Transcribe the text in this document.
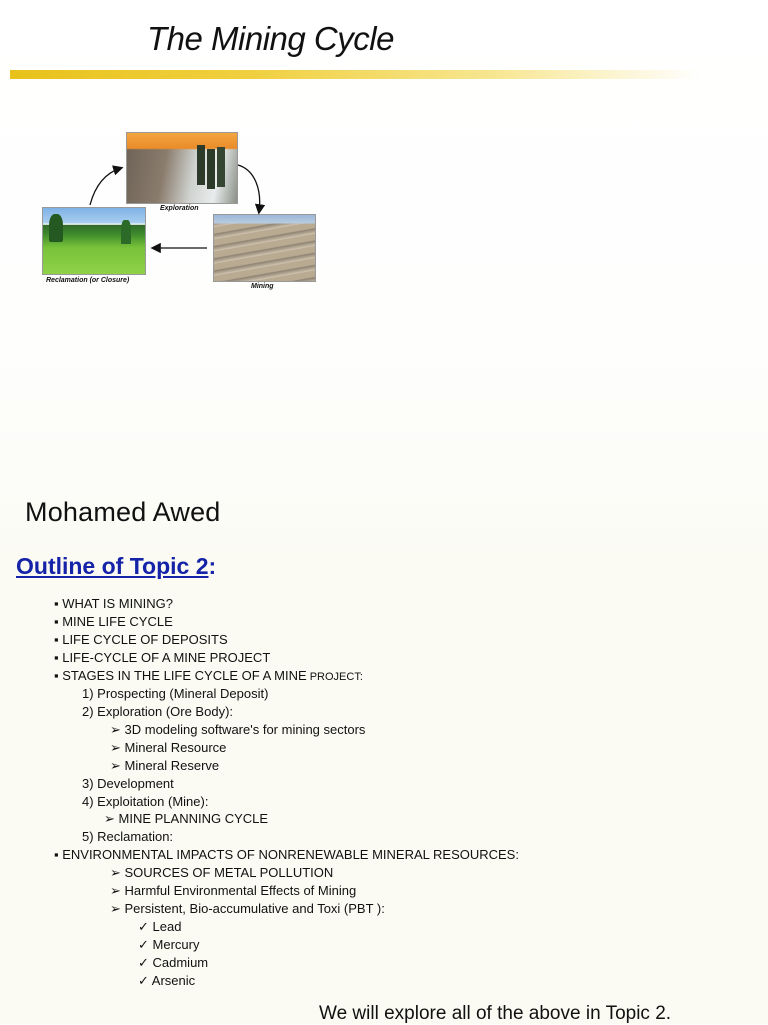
The Mining Cycle
Exploration
Mining
Reclamation (or Closure)
Mohamed Awed
Outline of Topic 2:
▪ WHAT IS MINING?
▪ MINE LIFE CYCLE
▪ LIFE CYCLE OF DEPOSITS
▪ LIFE-CYCLE OF A MINE PROJECT
▪ STAGES IN THE LIFE CYCLE OF A MINE PROJECT:
1) Prospecting (Mineral Deposit)
2) Exploration (Ore Body):
➢ 3D modeling software's for mining sectors
➢ Mineral Resource
➢ Mineral Reserve
3) Development
4) Exploitation (Mine):
➢ MINE PLANNING CYCLE
5) Reclamation:
▪ ENVIRONMENTAL IMPACTS OF NONRENEWABLE MINERAL RESOURCES:
➢ SOURCES OF METAL POLLUTION
➢ Harmful Environmental Effects of Mining
➢ Persistent, Bio-accumulative and Toxi (PBT ):
✓ Lead
✓ Mercury
✓ Cadmium
✓ Arsenic
We will explore all of the above in Topic 2.
